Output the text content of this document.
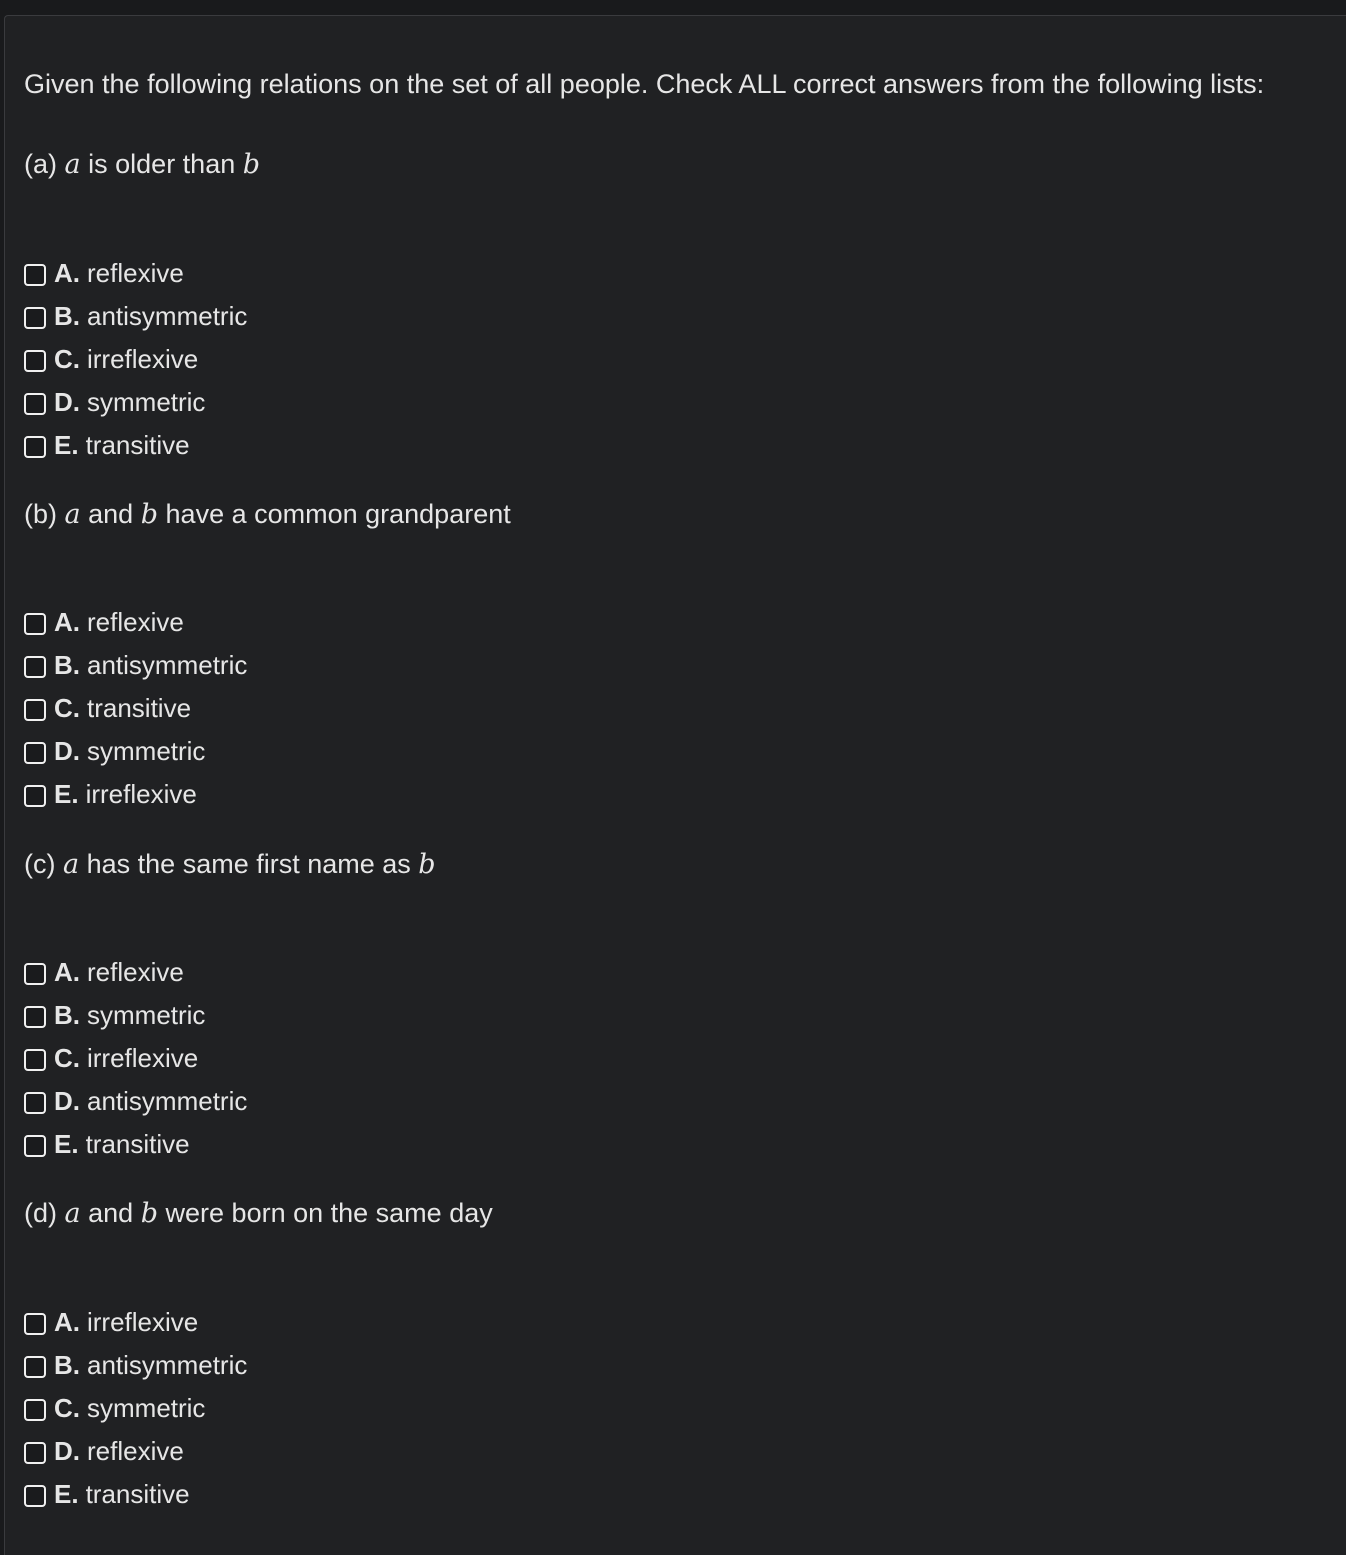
Given the following relations on the set of all people. Check ALL correct answers from the following lists:
(a) a is older than b
A. reflexive
B. antisymmetric
C. irreflexive
D. symmetric
E. transitive
(b) a and b have a common grandparent
A. reflexive
B. antisymmetric
C. transitive
D. symmetric
E. irreflexive
(c) a has the same first name as b
A. reflexive
B. symmetric
C. irreflexive
D. antisymmetric
E. transitive
(d) a and b were born on the same day
A. irreflexive
B. antisymmetric
C. symmetric
D. reflexive
E. transitive
